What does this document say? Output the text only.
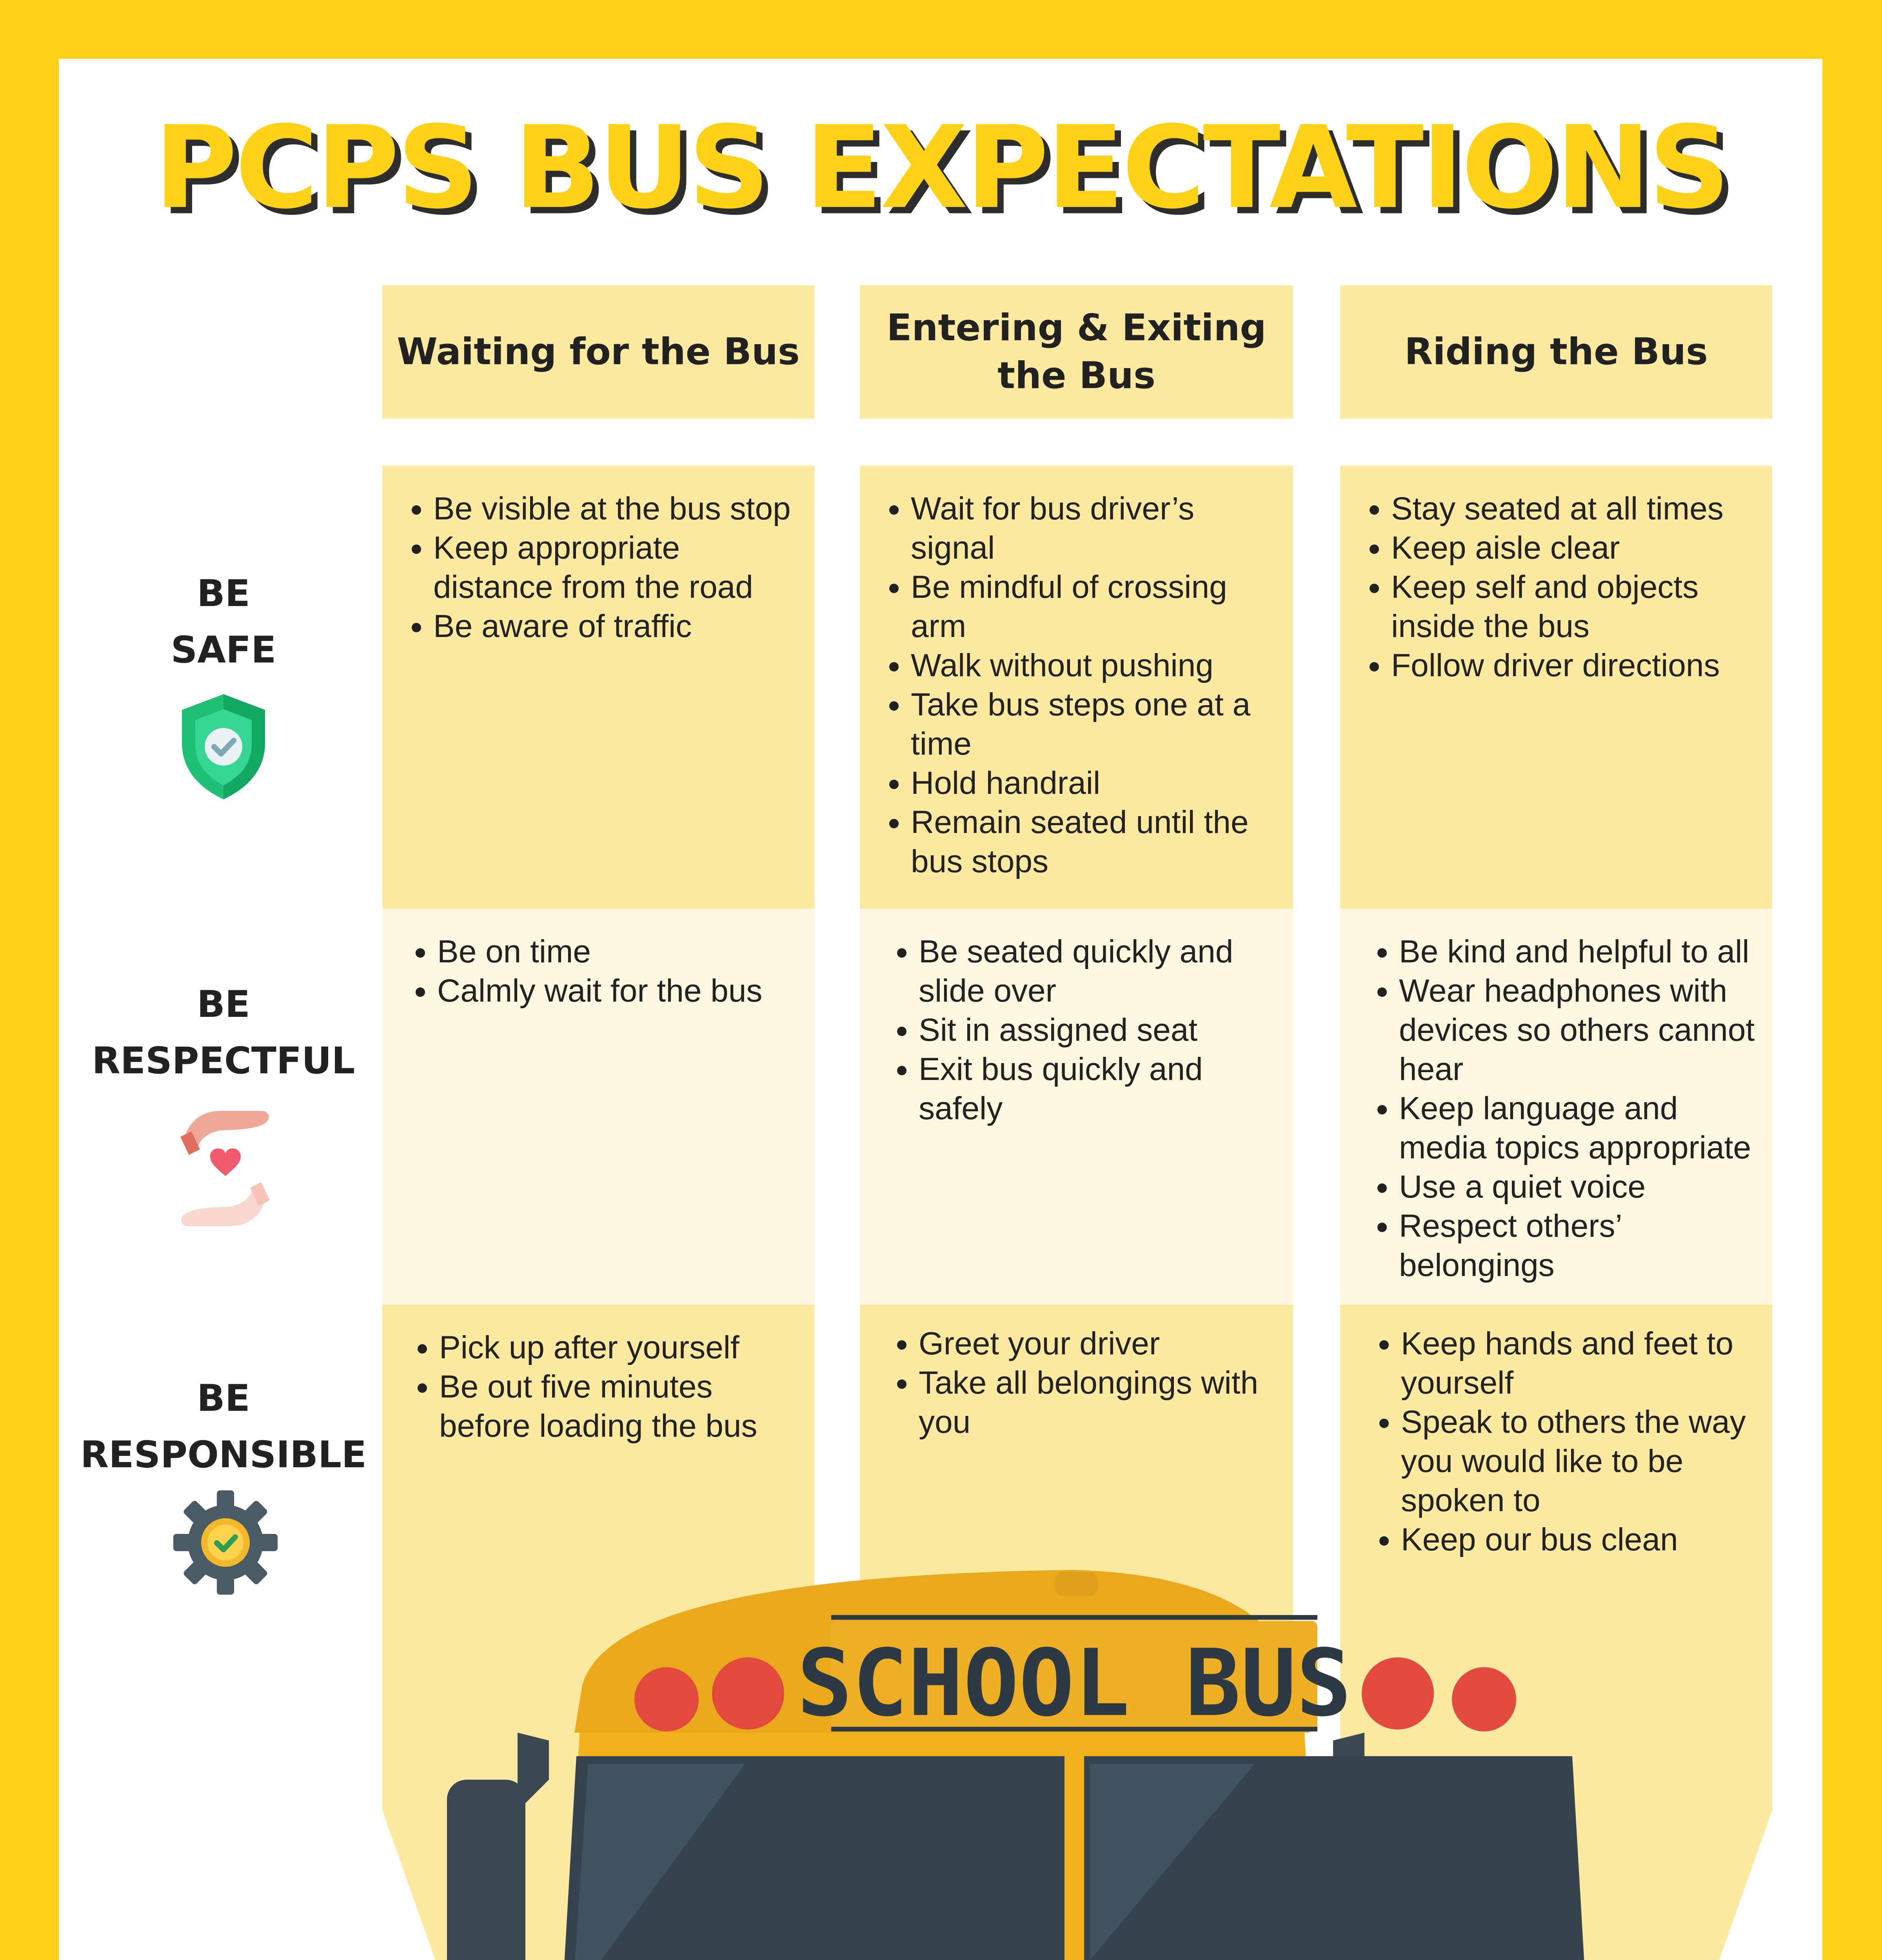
PCPS BUS EXPECTATIONS
Waiting for the Bus
Entering & Exiting the Bus
Riding the Bus
• Be visible at the bus stop
• Keep appropriate distance from the road
• Be aware of traffic
• Wait for bus driver’s signal
• Be mindful of crossing arm
• Walk without pushing
• Take bus steps one at a time
• Hold handrail
• Remain seated until the bus stops
• Stay seated at all times
• Keep aisle clear
• Keep self and objects inside the bus
• Follow driver directions
• Be on time
• Calmly wait for the bus
• Be seated quickly and slide over
• Sit in assigned seat
• Exit bus quickly and safely
• Be kind and helpful to all
• Wear headphones with devices so others cannot hear
• Keep language and media topics appropriate
• Use a quiet voice
• Respect others’ belongings
• Pick up after yourself
• Be out five minutes before loading the bus
• Greet your driver
• Take all belongings with you
• Keep hands and feet to yourself
• Speak to others the way you would like to be spoken to
• Keep our bus clean
BE
SAFE
BE
RESPECTFUL
BE
RESPONSIBLE
SCHOOL BUS
